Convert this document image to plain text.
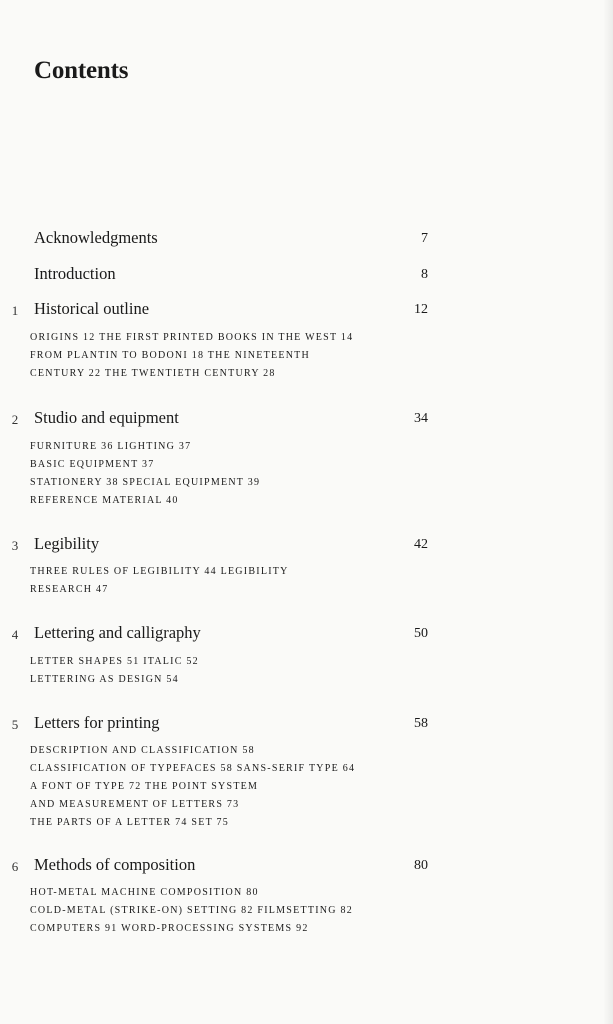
Contents
Acknowledgments	7
Introduction	8
1 Historical outline	12
ORIGINS 12 THE FIRST PRINTED BOOKS IN THE WEST 14
FROM PLANTIN TO BODONI 18 THE NINETEENTH
CENTURY 22 THE TWENTIETH CENTURY 28
2 Studio and equipment	34
FURNITURE 36 LIGHTING 37
BASIC EQUIPMENT 37
STATIONERY 38 SPECIAL EQUIPMENT 39
REFERENCE MATERIAL 40
3 Legibility	42
THREE RULES OF LEGIBILITY 44 LEGIBILITY
RESEARCH 47
4 Lettering and calligraphy	50
LETTER SHAPES 51 ITALIC 52
LETTERING AS DESIGN 54
5 Letters for printing	58
DESCRIPTION AND CLASSIFICATION 58
CLASSIFICATION OF TYPEFACES 58 SANS-SERIF TYPE 64
A FONT OF TYPE 72 THE POINT SYSTEM
AND MEASUREMENT OF LETTERS 73
THE PARTS OF A LETTER 74 SET 75
6 Methods of composition	80
HOT-METAL MACHINE COMPOSITION 80
COLD-METAL (STRIKE-ON) SETTING 82 FILMSETTING 82
COMPUTERS 91 WORD-PROCESSING SYSTEMS 92
